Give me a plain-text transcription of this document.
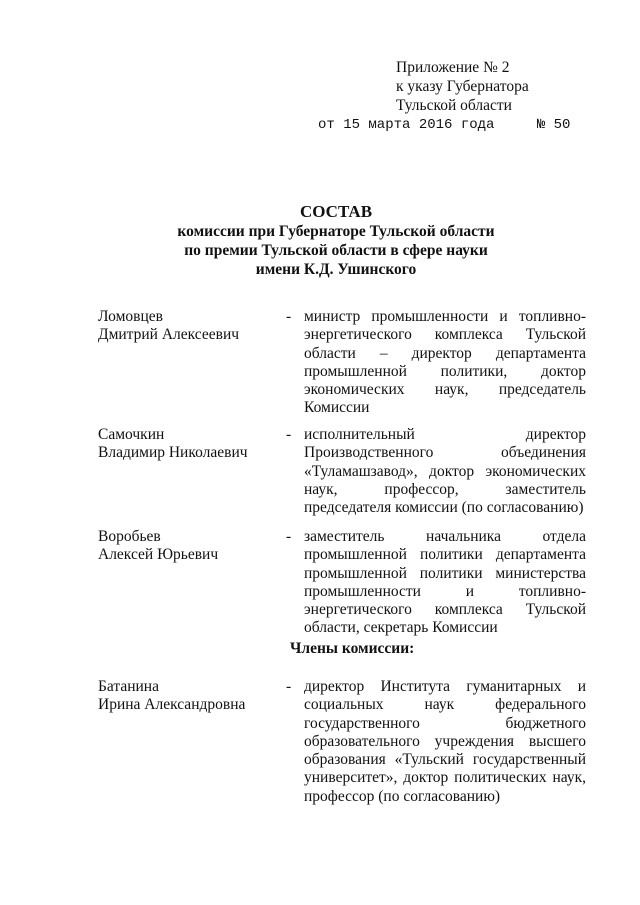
Приложение № 2
к указу Губернатора
Тульской области
от 15 марта 2016 года	№ 50
СОСТАВ
комиссии при Губернаторе Тульской области
по премии Тульской области в сфере науки
имени К.Д. Ушинского
Ломовцев
Дмитрий Алексеевич
- министр промышленности и топливно-энергетического комплекса Тульской области – директор департамента промышленной политики, доктор экономических наук, председатель Комиссии
Самочкин
Владимир Николаевич
- исполнительный директор Производственного объединения «Туламашзавод», доктор экономических наук, профессор, заместитель председателя комиссии (по согласованию)
Воробьев
Алексей Юрьевич
- заместитель начальника отдела промышленной политики департамента промышленной политики министерства промышленности и топливно-энергетического комплекса Тульской области, секретарь Комиссии
Члены комиссии:
Батанина
Ирина Александровна
- директор Института гуманитарных и социальных наук федерального государственного бюджетного образовательного учреждения высшего образования «Тульский государственный университет», доктор политических наук, профессор (по согласованию)
